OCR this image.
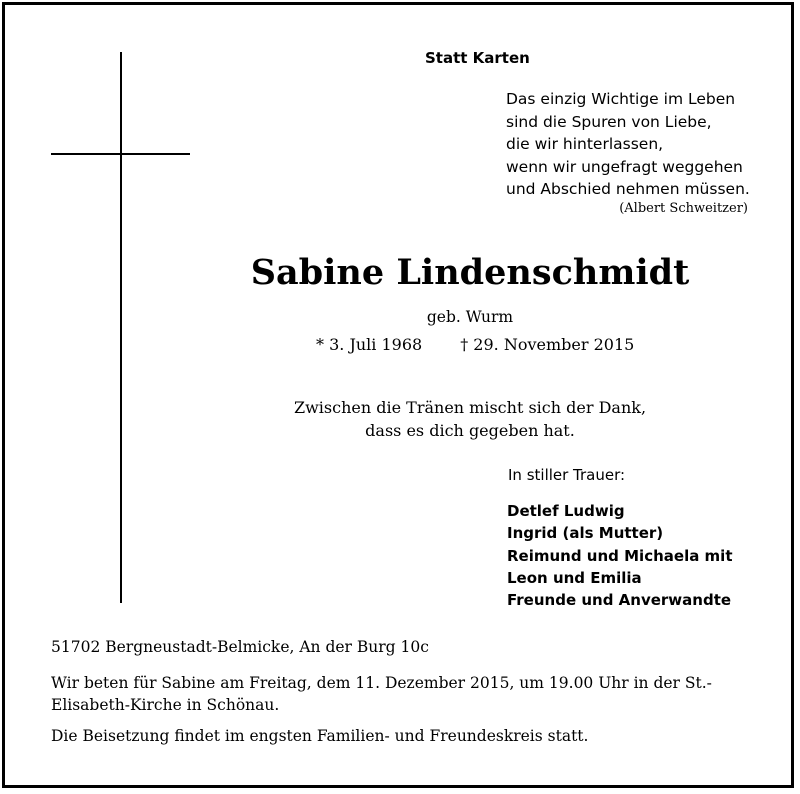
Statt Karten
Das einzig Wichtige im Leben
sind die Spuren von Liebe,
die wir hinterlassen,
wenn wir ungefragt weggehen
und Abschied nehmen müssen.
(Albert Schweitzer)
Sabine Lindenschmidt
geb. Wurm
* 3. Juli 1968 † 29. November 2015
Zwischen die Tränen mischt sich der Dank,
dass es dich gegeben hat.
In stiller Trauer:
Detlef Ludwig
Ingrid (als Mutter)
Reimund und Michaela mit
Leon und Emilia
Freunde und Anverwandte
51702 Bergneustadt-Belmicke, An der Burg 10c
Wir beten für Sabine am Freitag, dem 11. Dezember 2015, um 19.00 Uhr in der St.-Elisabeth-Kirche in Schönau.
Die Beisetzung findet im engsten Familien- und Freundeskreis statt.
